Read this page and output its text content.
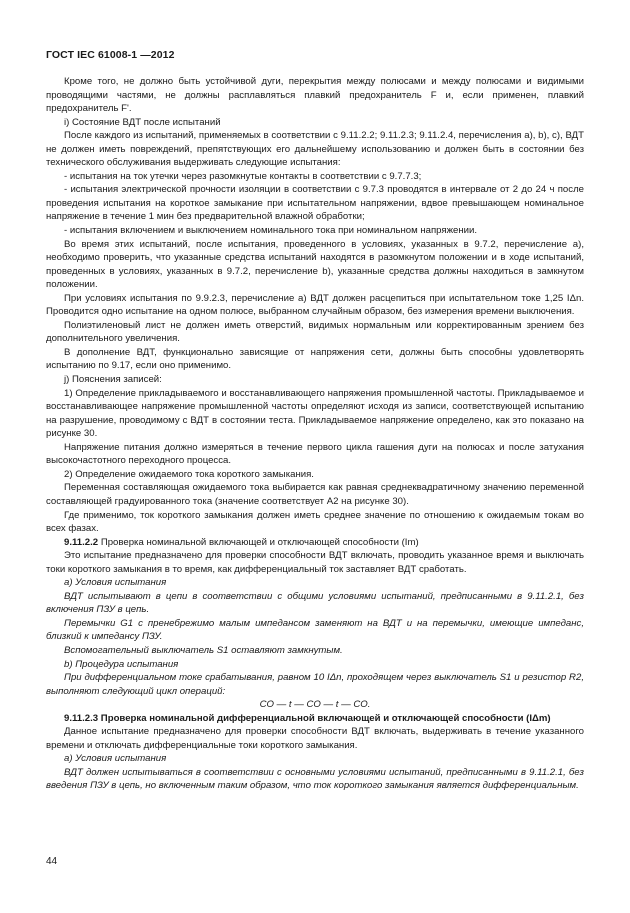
ГОСТ IEC 61008-1 —2012

Кроме того, не должно быть устойчивой дуги, перекрытия между полюсами и между полюсами и видимыми проводящими частями, не должны расплавляться плавкий предохранитель F и, если применен, плавкий предохранитель F'.

i) Состояние ВДТ после испытаний

После каждого из испытаний, применяемых в соответствии с 9.11.2.2; 9.11.2.3; 9.11.2.4, перечисления а), b), c), ВДТ не должен иметь повреждений, препятствующих его дальнейшему использованию и должен быть в состоянии без технического обслуживания выдерживать следующие испытания:

- испытания на ток утечки через разомкнутые контакты в соответствии с 9.7.7.3;

- испытания электрической прочности изоляции в соответствии с 9.7.3 проводятся в интервале от 2 до 24 ч после проведения испытания на короткое замыкание при испытательном напряжении, вдвое превышающем номинальное напряжение в течение 1 мин без предварительной влажной обработки;

- испытания включением и выключением номинального тока при номинальном напряжении.

Во время этих испытаний, после испытания, проведенного в условиях, указанных в 9.7.2, перечисление а), необходимо проверить, что указанные средства испытаний находятся в разомкнутом положении и в ходе испытаний, проведенных в условиях, указанных в 9.7.2, перечисление b), указанные средства должны находиться в замкнутом положении.

При условиях испытания по 9.9.2.3, перечисление а) ВДТ должен расцепиться при испытательном токе 1,25 IΔn. Проводится одно испытание на одном полюсе, выбранном случайным образом, без измерения времени выключения.

Полиэтиленовый лист не должен иметь отверстий, видимых нормальным или корректированным зрением без дополнительного увеличения.

В дополнение ВДТ, функционально зависящие от напряжения сети, должны быть способны удовлетворять испытанию по 9.17, если оно применимо.

j) Пояснения записей:

1) Определение прикладываемого и восстанавливающего напряжения промышленной частоты. Прикладываемое и восстанавливающее напряжение промышленной частоты определяют исходя из записи, соответствующей испытанию на разрушение, проводимому с ВДТ в состоянии теста. Прикладываемое напряжение определено, как это показано на рисунке 30.

Напряжение питания должно измеряться в течение первого цикла гашения дуги на полюсах и после затухания высокочастотного переходного процесса.

2) Определение ожидаемого тока короткого замыкания.

Переменная составляющая ожидаемого тока выбирается как равная среднеквадратичному значению переменной составляющей градуированного тока (значение соответствует A2 на рисунке 30).

Где применимо, ток короткого замыкания должен иметь среднее значение по отношению к ожидаемым токам во всех фазах.

9.11.2.2 Проверка номинальной включающей и отключающей способности (Im)

Это испытание предназначено для проверки способности ВДТ включать, проводить указанное время и выключать токи короткого замыкания в то время, как дифференциальный ток заставляет ВДТ сработать.

а) Условия испытания

ВДТ испытывают в цепи в соответствии с общими условиями испытаний, предписанными в 9.11.2.1, без включения ПЗУ в цепь.

Перемычки G1 с пренебрежимо малым импедансом заменяют на ВДТ и на перемычки, имеющие импеданс, близкий к импедансу ПЗУ.

Вспомогательный выключатель S1 оставляют замкнутым.

b) Процедура испытания

При дифференциальном токе срабатывания, равном 10 IΔn, проходящем через выключатель S1 и резистор R2, выполняют следующий цикл операций:

CO — t — CO — t — CO.

9.11.2.3 Проверка номинальной дифференциальной включающей и отключающей способности (IΔm)

Данное испытание предназначено для проверки способности ВДТ включать, выдерживать в течение указанного времени и отключать дифференциальные токи короткого замыкания.

а) Условия испытания

ВДТ должен испытываться в соответствии с основными условиями испытаний, предписанными в 9.11.2.1, без введения ПЗУ в цепь, но включенным таким образом, что ток короткого замыкания является дифференциальным.

44
